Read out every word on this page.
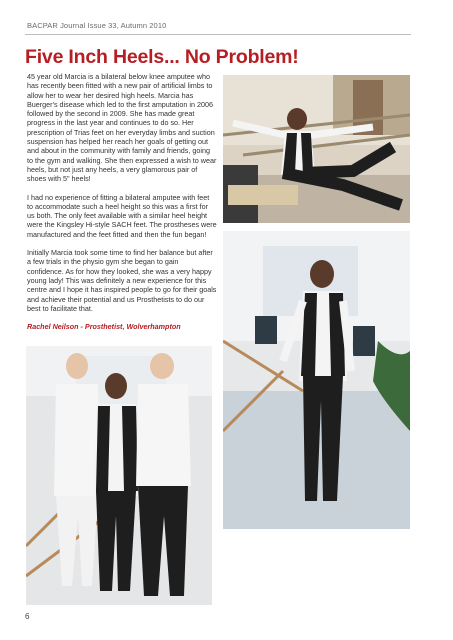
BACPAR Journal Issue 33, Autumn 2010
Five Inch Heels... No Problem!

45 year old Marcia is a bilateral below knee amputee who has recently been fitted with a new pair of artificial limbs to allow her to wear her desired high heels. Marcia has Buerger's disease which led to the first amputation in 2006 followed by the second in 2009. She has made great progress in the last year and continues to do so. Her prescription of Trias feet on her everyday limbs and suction suspension has helped her reach her goals of getting out and about in the community with family and friends, going to the gym and walking. She then expressed a wish to wear heels, but not just any heels, a very glamorous pair of shoes with 5" heels!

I had no experience of fitting a bilateral amputee with feet to accommodate such a heel height so this was a first for us both. The only feet available with a similar heel height were the Kingsley Hi-style SACH feet. The prostheses were manufactured and the feet fitted and then the fun began!

Initially Marcia took some time to find her balance but after a few trials in the physio gym she began to gain confidence. As for how they looked, she was a very happy young lady! This was definitely a new experience for this centre and I hope it has inspired people to go for their goals and achieve their potential and us Prosthetists to do our best to facilitate that.

Rachel Neilson - Prosthetist, Wolverhampton

6
